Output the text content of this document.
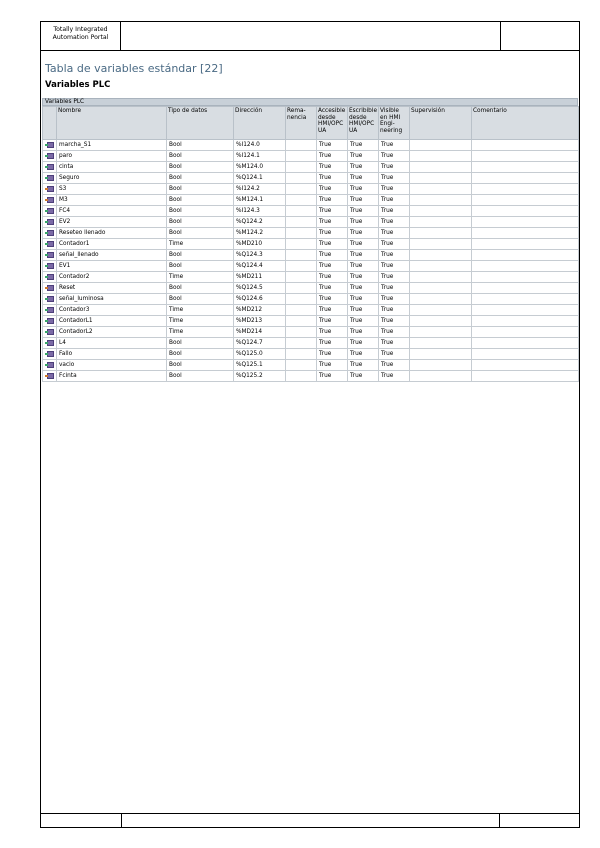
Totally Integrated
Automation Portal
Tabla de variables estándar [22]
Variables PLC
Variables PLC
	Nombre	Tipo de datos	Dirección	Rema-nencia	Accesible desde HMI/OPC UA	Escribible desde HMI/OPC UA	Visible en HMI Engi-neering	Supervisión	Comentario
	marcha_S1	Bool	%I124.0		True	True	True		
	paro	Bool	%I124.1		True	True	True		
	cinta	Bool	%M124.0		True	True	True		
	Seguro	Bool	%Q124.1		True	True	True		
	S3	Bool	%I124.2		True	True	True		
	M3	Bool	%M124.1		True	True	True		
	FC4	Bool	%I124.3		True	True	True		
	EV2	Bool	%Q124.2		True	True	True		
	Reseteo llenado	Bool	%M124.2		True	True	True		
	Contador1	Time	%MD210		True	True	True		
	señal_llenado	Bool	%Q124.3		True	True	True		
	EV1	Bool	%Q124.4		True	True	True		
	Contador2	Time	%MD211		True	True	True		
	Reset	Bool	%Q124.5		True	True	True		
	señal_luminosa	Bool	%Q124.6		True	True	True		
	Contador3	Time	%MD212		True	True	True		
	ContadorL1	Time	%MD213		True	True	True		
	ContadorL2	Time	%MD214		True	True	True		
	L4	Bool	%Q124.7		True	True	True		
	Fallo	Bool	%Q125.0		True	True	True		
	vacio	Bool	%Q125.1		True	True	True		
	Fcinta	Bool	%Q125.2		True	True	True		
